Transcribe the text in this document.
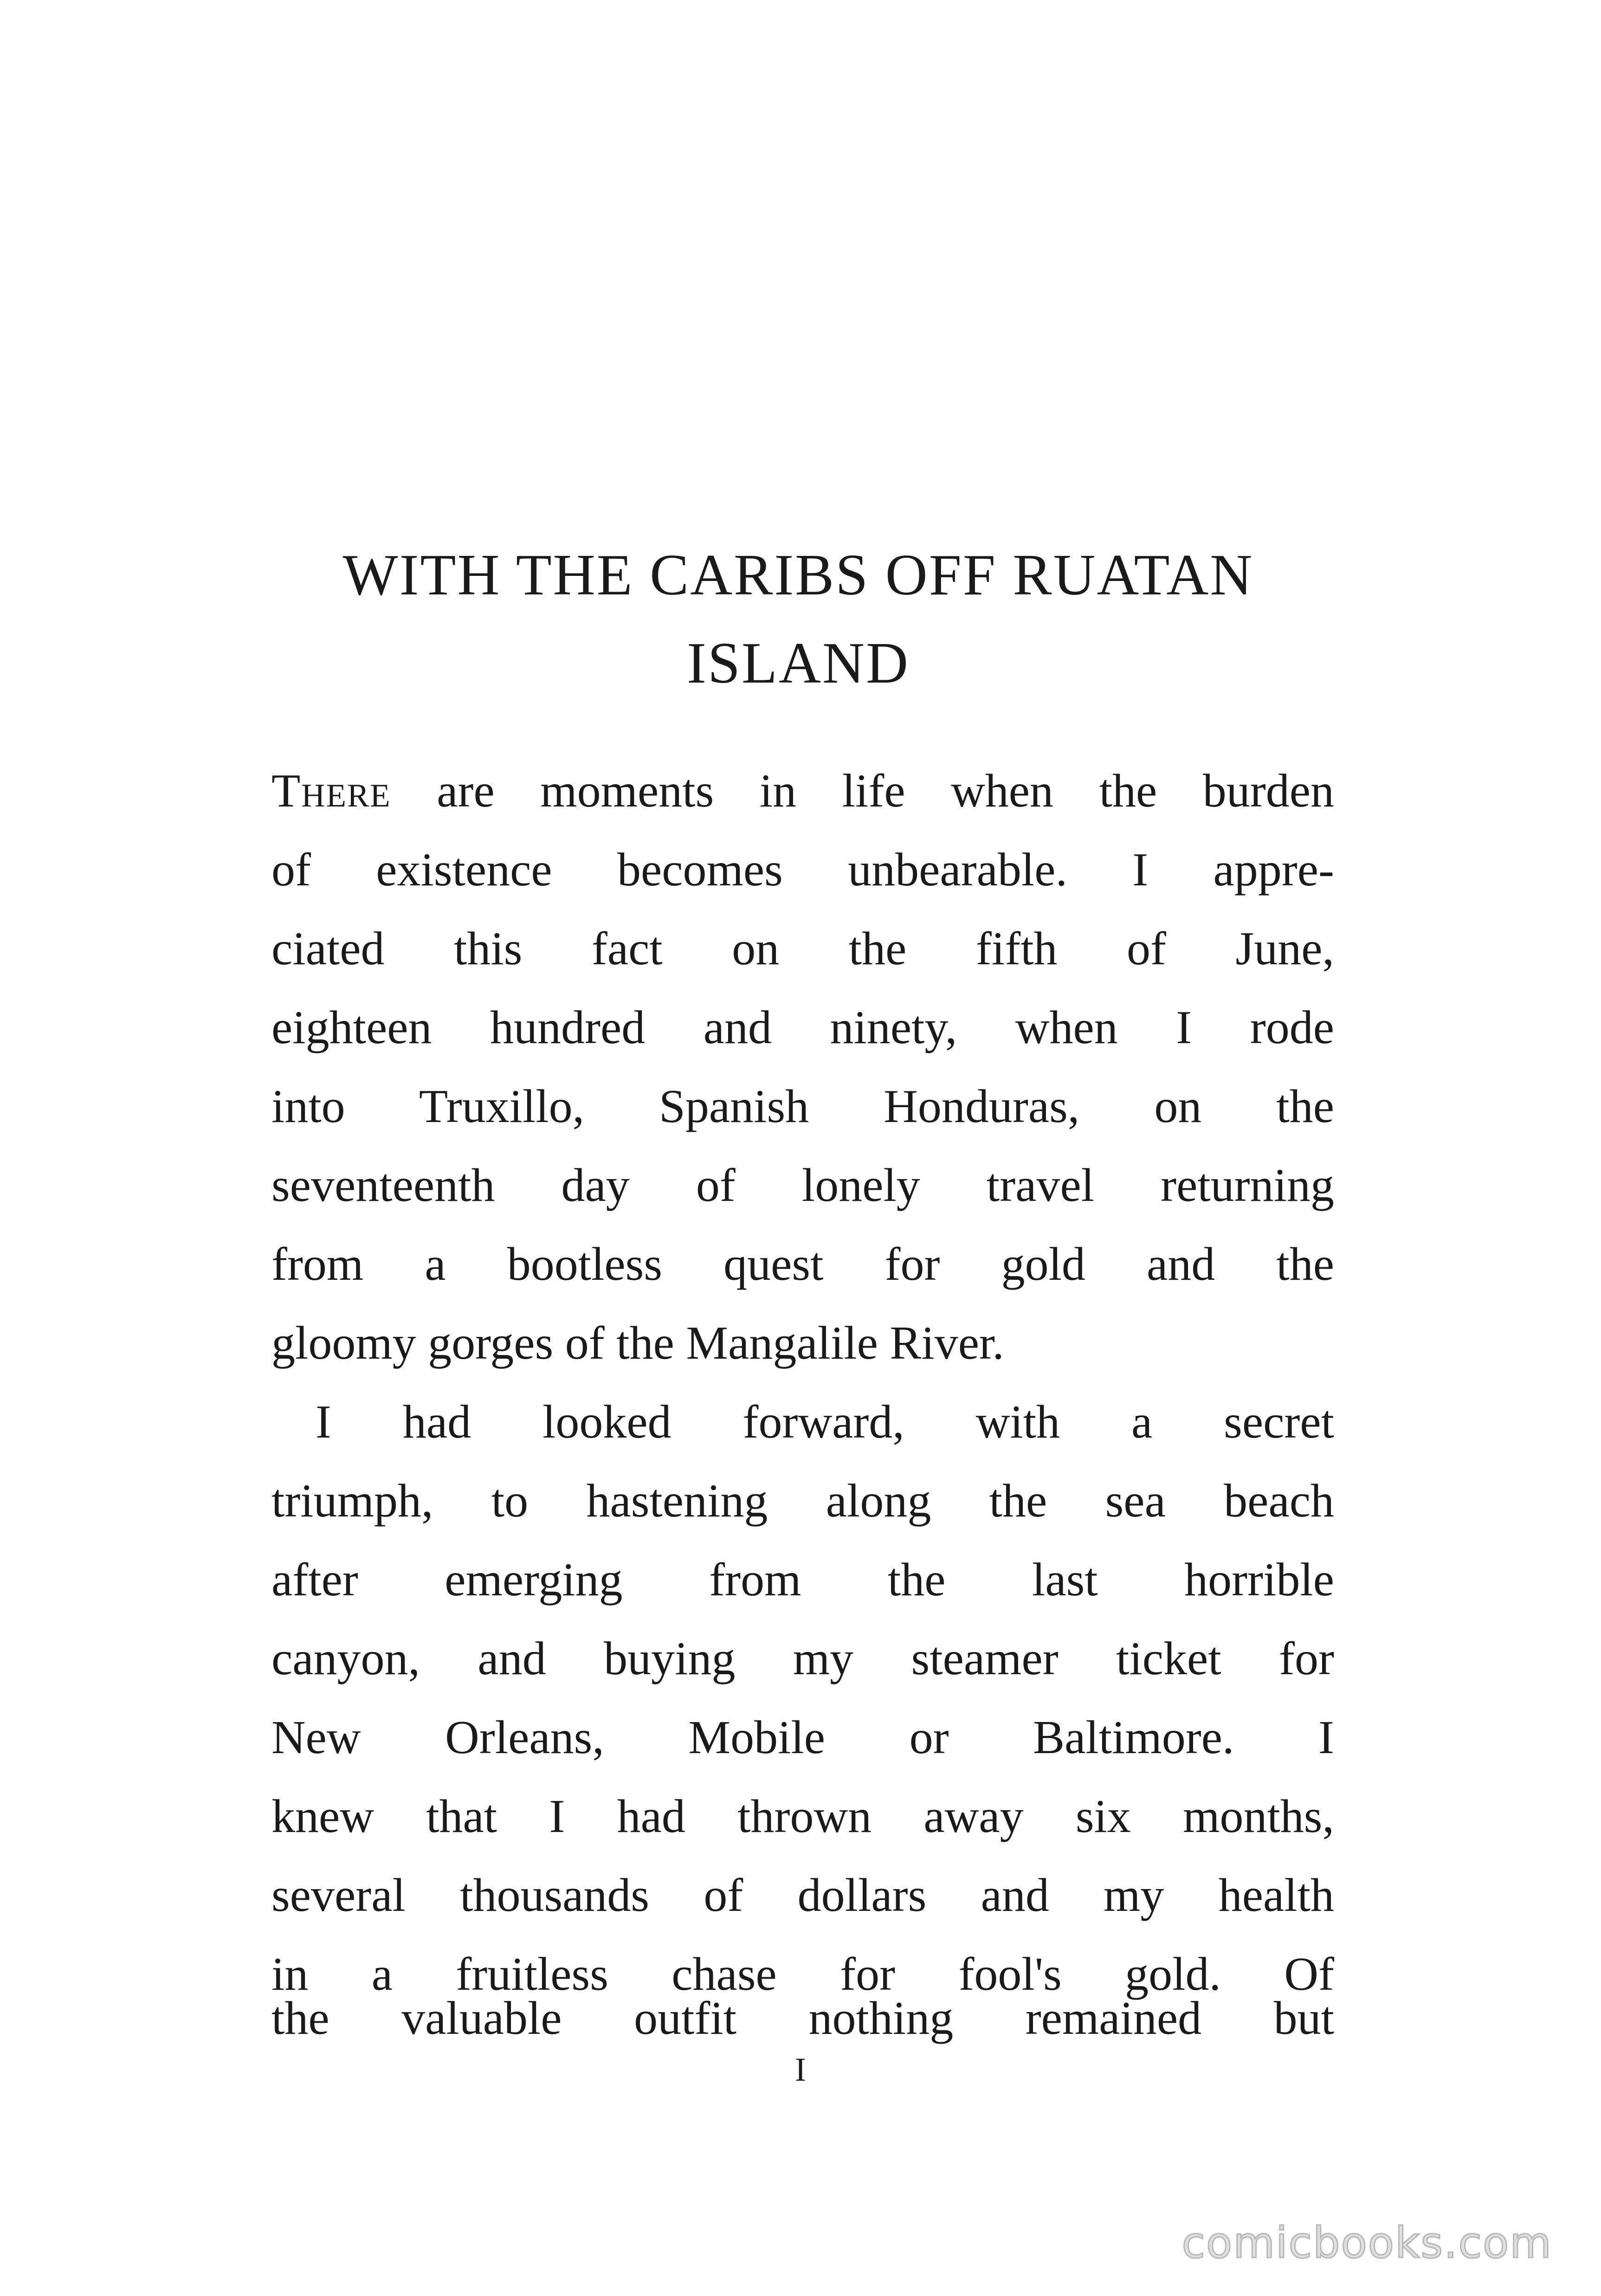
WITH THE CARIBS OFF RUATAN
ISLAND
There are moments in life when the burden
of existence becomes unbearable. I appre-
ciated this fact on the fifth of June,
eighteen hundred and ninety, when I rode
into Truxillo, Spanish Honduras, on the
seventeenth day of lonely travel returning
from a bootless quest for gold and the
gloomy gorges of the Mangalile River.
I had looked forward, with a secret
triumph, to hastening along the sea beach
after emerging from the last horrible
canyon, and buying my steamer ticket for
New Orleans, Mobile or Baltimore. I
knew that I had thrown away six months,
several thousands of dollars and my health
in a fruitless chase for fool's gold. Of
the valuable outfit nothing remained but
I
comicbooks.com
